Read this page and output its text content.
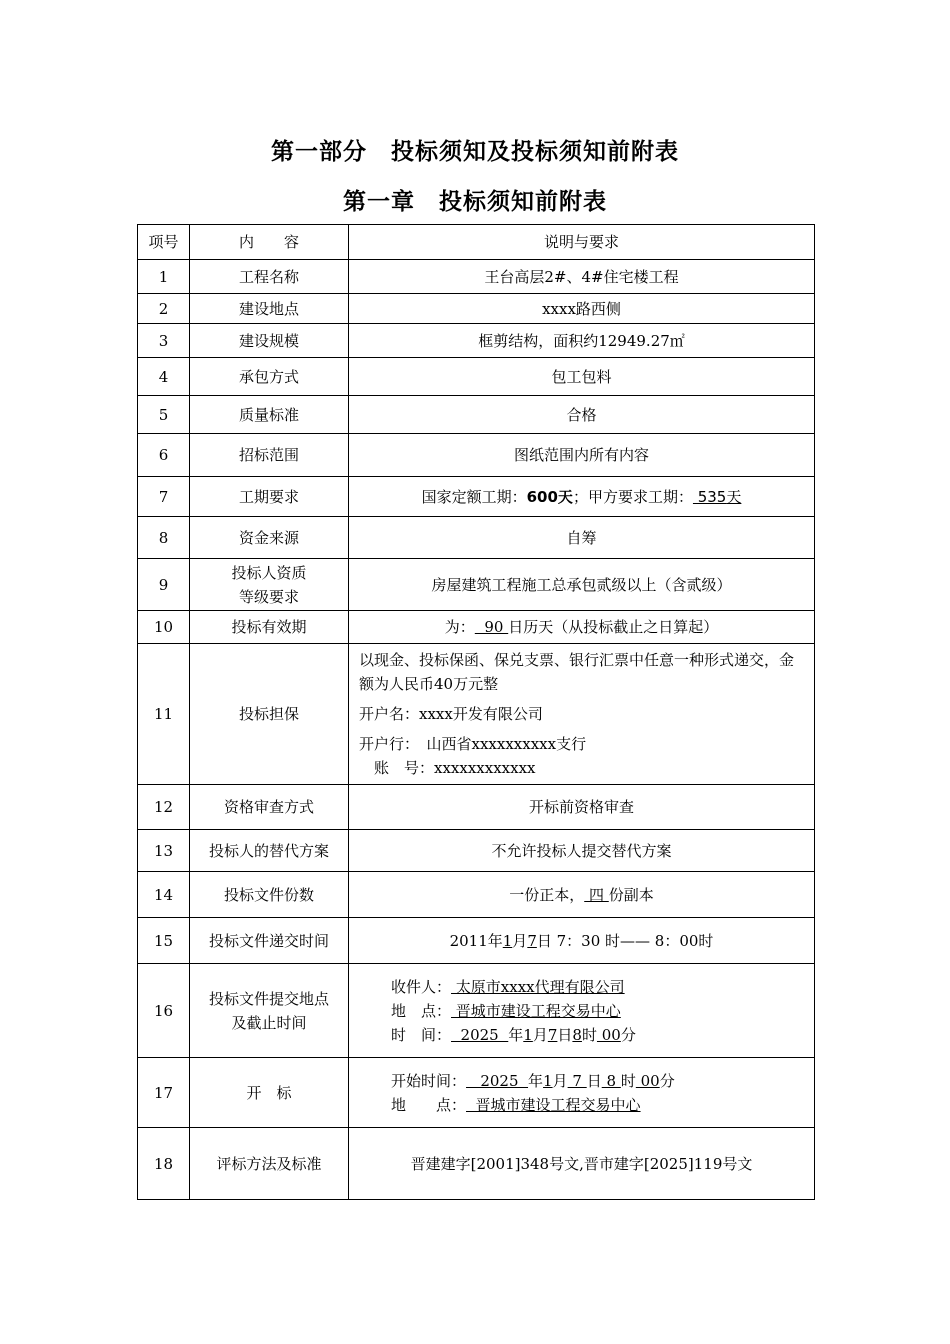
第一部分　投标须知及投标须知前附表
第一章　投标须知前附表
项号	内　　容	说明与要求
1	工程名称	王台高层2#、4#住宅楼工程
2	建设地点	xxxx路西侧
3	建设规模	框剪结构，面积约12949.27㎡
4	承包方式	包工包料
5	质量标准	合格
6	招标范围	图纸范围内所有内容
7	工期要求	国家定额工期：600天；甲方要求工期： 535天
8	资金来源	自筹
9	投标人资质
等级要求	房屋建筑工程施工总承包贰级以上（含贰级）
10	投标有效期	为：  90 日历天（从投标截止之日算起）
11	投标担保	以现金、投标保函、保兑支票、银行汇票中任意一种形式递交，金额为人民币40万元整
开户名：xxxx开发有限公司
开户行：　山西省xxxxxxxxxx支行
　账　号：xxxxxxxxxxxx

12	资格审查方式	开标前资格审查
13	投标人的替代方案	不允许投标人提交替代方案
14	投标文件份数	一份正本， 四 份副本
15	投标文件递交时间	2011年1月7日 7：30 时—— 8：00时
16	投标文件提交地点
及截止时间	收件人： 太原市xxxx代理有限公司
地　点： 晋城市建设工程交易中心
时　间：  2025  年1月7日8时 00分

17	开　标	开始时间：   2025  年1月 7 日 8 时 00分
地　　点：  晋城市建设工程交易中心

18	评标方法及标准	晋建建字[2001]348号文,晋市建字[2025]119号文
